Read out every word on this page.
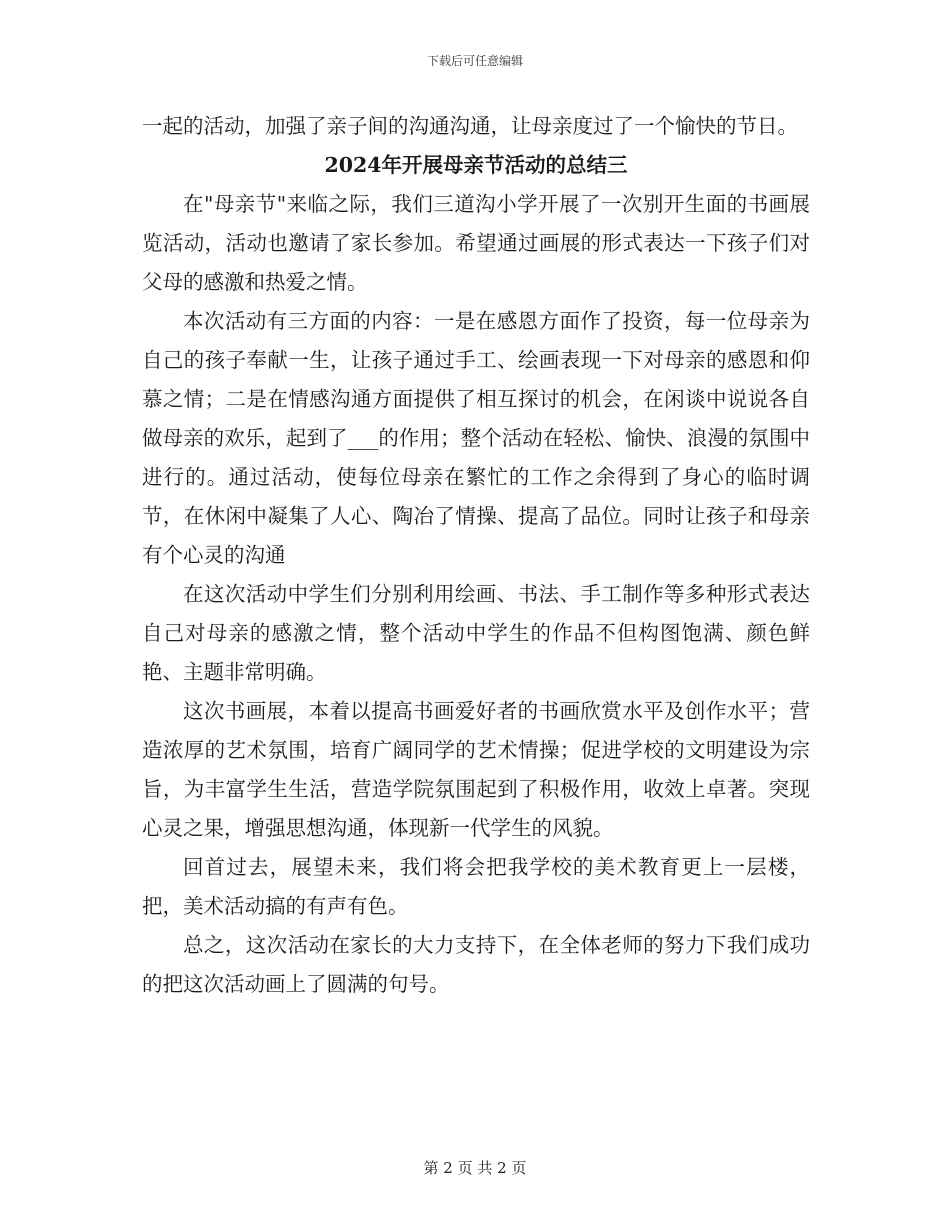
下载后可任意编辑

一起的活动，加强了亲子间的沟通沟通，让母亲度过了一个愉快的节日。

2024年开展母亲节活动的总结三

在"母亲节"来临之际，我们三道沟小学开展了一次别开生面的书画展览活动，活动也邀请了家长参加。希望通过画展的形式表达一下孩子们对父母的感激和热爱之情。

本次活动有三方面的内容：一是在感恩方面作了投资，每一位母亲为自己的孩子奉献一生，让孩子通过手工、绘画表现一下对母亲的感恩和仰慕之情；二是在情感沟通方面提供了相互探讨的机会，在闲谈中说说各自做母亲的欢乐，起到了___的作用；整个活动在轻松、愉快、浪漫的氛围中进行的。通过活动，使每位母亲在繁忙的工作之余得到了身心的临时调节，在休闲中凝集了人心、陶冶了情操、提高了品位。同时让孩子和母亲有个心灵的沟通

在这次活动中学生们分别利用绘画、书法、手工制作等多种形式表达自己对母亲的感激之情，整个活动中学生的作品不但构图饱满、颜色鲜艳、主题非常明确。

这次书画展，本着以提高书画爱好者的书画欣赏水平及创作水平；营造浓厚的艺术氛围，培育广阔同学的艺术情操；促进学校的文明建设为宗旨，为丰富学生生活，营造学院氛围起到了积极作用，收效上卓著。突现心灵之果，增强思想沟通，体现新一代学生的风貌。

回首过去，展望未来，我们将会把我学校的美术教育更上一层楼，把，美术活动搞的有声有色。

总之，这次活动在家长的大力支持下，在全体老师的努力下我们成功的把这次活动画上了圆满的句号。

第 2 页 共 2 页
